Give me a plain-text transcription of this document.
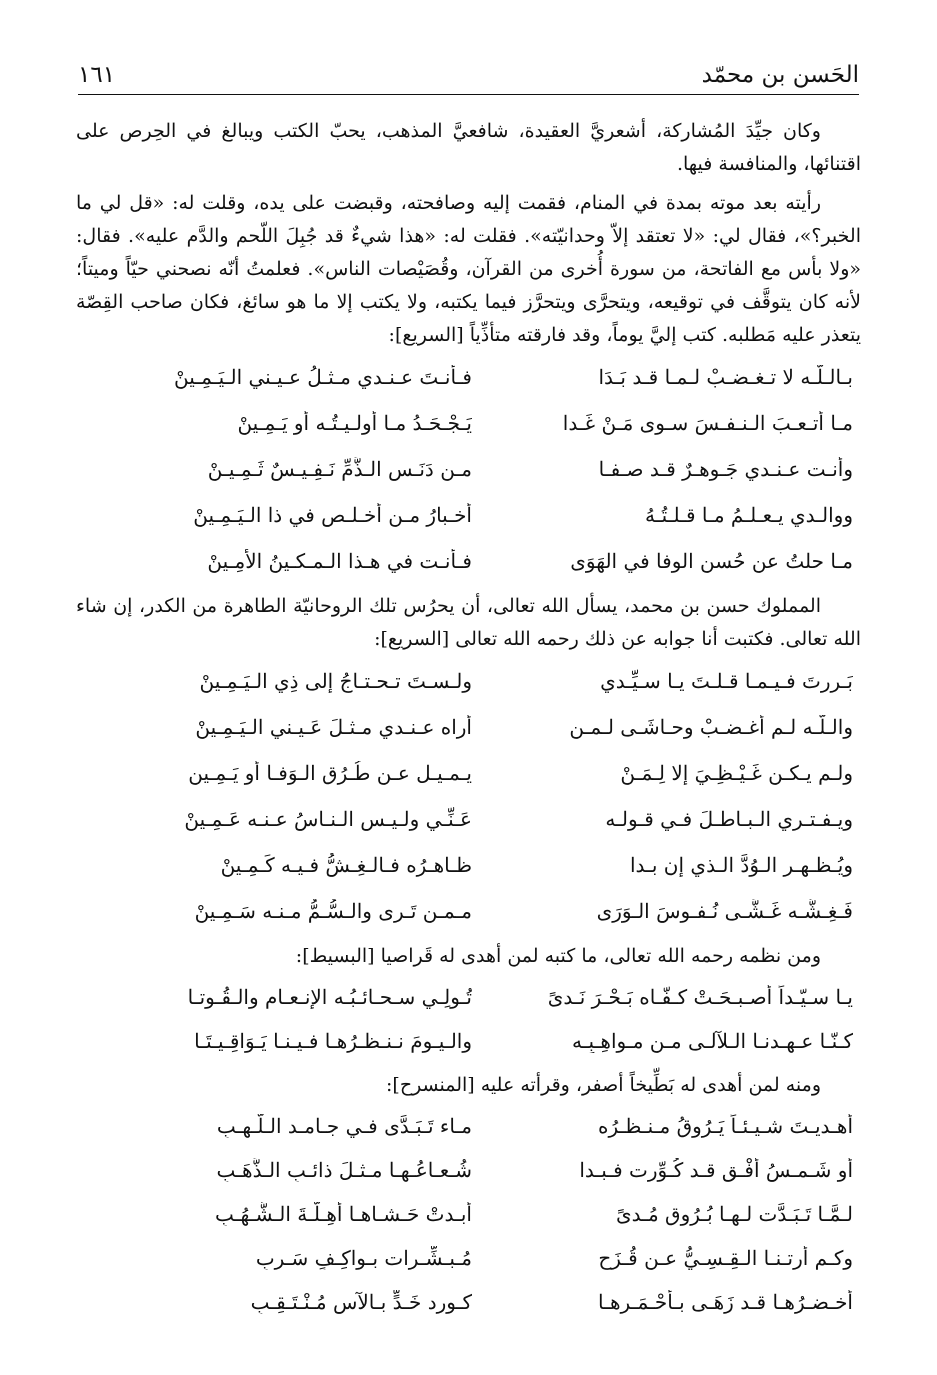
الحَسن بن محمّد
١٦١

وكان جيِّدَ المُشاركة، أشعريَّ العقيدة، شافعيَّ المذهب، يحبّ الكتب ويبالغ في الحِرص على اقتنائها، والمنافسة فيها.

رأيته بعد موته بمدة في المنام، فقمت إليه وصافحته، وقبضت على يده، وقلت له: «قل لي ما الخبر؟»، فقال لي: «لا تعتقد إلاّ وحدانيّته». فقلت له: «هذا شيءٌ قد جُبِلَ اللّحم والدَّم عليه». فقال: «ولا بأس مع الفاتحة، من سورة أُخرى من القرآن، وقُصَيْصات الناس». فعلمتُ أنّه نصحني حيّاً وميتاً؛ لأنه كان يتوقَّف في توقيعه، ويتحرَّى ويتحرَّز فيما يكتبه، ولا يكتب إلا ما هو سائغ، فكان صاحب القِصّة يتعذر عليه مَطلبه. كتب إليَّ يوماً، وقد فارقته متأذِّياً [السريع]:

بـالـلّـه لا تـغـضـبْ لـمـا قـد بَـدَا
فـأنـتَ عـنـدي مـثـلُ عـيـني الـيَـمِـينْ
مـا أتـعـبَ الـنـفـسَ سـوى مَـنْ غَـدا
يَـجْـحَـدُ مـا أولـيـتُـه أو يَـمِـينْ
وأنـت عـنـدي جَـوهـرٌ قـد صـفـا
مـن دَنَـس الـذَّمِّ نَـفِـيـسٌ ثَـمِـيـنْ
ووالـدي يـعـلـمُ مـا قـلـتُـهُ
أخـبارُ مـن أخـلـص في ذا الـيَـمِـينْ
مـا حلتُ عن حُسن الوفا في الهَوَى
فـأنـت في هـذا الـمـكـينُ الأَمِـينْ

المملوك حسن بن محمد، يسأل الله تعالى، أن يحرُس تلك الروحانيّة الطاهرة من الكدر، إن شاء الله تعالى. فكتبت أنا جوابه عن ذلك رحمه الله تعالى [السريع]:

بَـررتَ فـيـمـا قـلـتَ يـا سـيِّـدي
ولـسـتَ تـحـتـاجُ إلى ذِي الـيَـمِـينْ
والـلّـه لـم أغـضـبْ وحـاشَـى لـمـن
أراه عـنـدي مـثـلَ عَـيـني الـيَـمِـينْ
ولـم يـكـن غَـيْـظِـيَ إلا لِـمَـنْ
يـمـيـل عـن طُـرُق الـوَفـا أو يَـمِـين
ويـفـتـري الـبـاطـلَ فـي قـولـه
عَـنِّـي ولـيـس الـنـاسُ عـنـه عَـمِـينْ
ويُـظـهـر الـوُدَّ الـذي إن بـدا
ظـاهـرُه فـالـغِـشُّ فـيـه كَـمِـينْ
فَـغِـشُّـه غَـشَّـى نُـفـوسَ الـوَرَى
مـمـن تَـرى والـسُّـمُّ مـنـه سَـمِـينْ

ومن نظمه رحمه الله تعالى، ما كتبه لمن أهدى له قَراصيا [البسيط]:

يـا سـيّـداً أصـبـحَـتْ كـفّـاه بَـحْـرَ نَـدىً
تُـولِـي سـحـائـبُـه الإنـعـام والـقُـوتـا
كـنّـا عـهـدنـا الـلآلـى مـن مـواهِـبِـه
والـيـومَ نـنـظـرُهـا فـيـنـا يَـوَاقِـيـتَـا

ومنه لمن أهدى له بَطِّيخاً أصفر، وقرأته عليه [المنسرح]:

أهـديـتَ شـيـئـاً يَـرُوقُ مـنـظـرُه
مـاء تَـبَـدَّى فـي جـامـد الـلَّـهـبِ
أو شَـمـسُ أُفْـقٍ قـد كُـوِّرت فـبـدا
شُـعـاعُـهـا مـثـلَ ذائـبِ الـذَّهَـبِ
لـمَّـا تَـبَـدَّت لـهـا بُـرُوق مُـدىً
أبـدتْ حَـشـاهـا أهِـلَّـةَ الـشُّـهُـبِ
وكـم أرتـنـا الـقِـسِـيُّ عـن قُـزَحٍ
مُـبـشِّـرات بـواكِـفٍ سَـرِبِ
أخـضـرُهـا قـد زَهَـى بـأحْـمَـرِهـا
كـورد خَـدٍّ بـالآس مُـنْـتَـقِـبِ
